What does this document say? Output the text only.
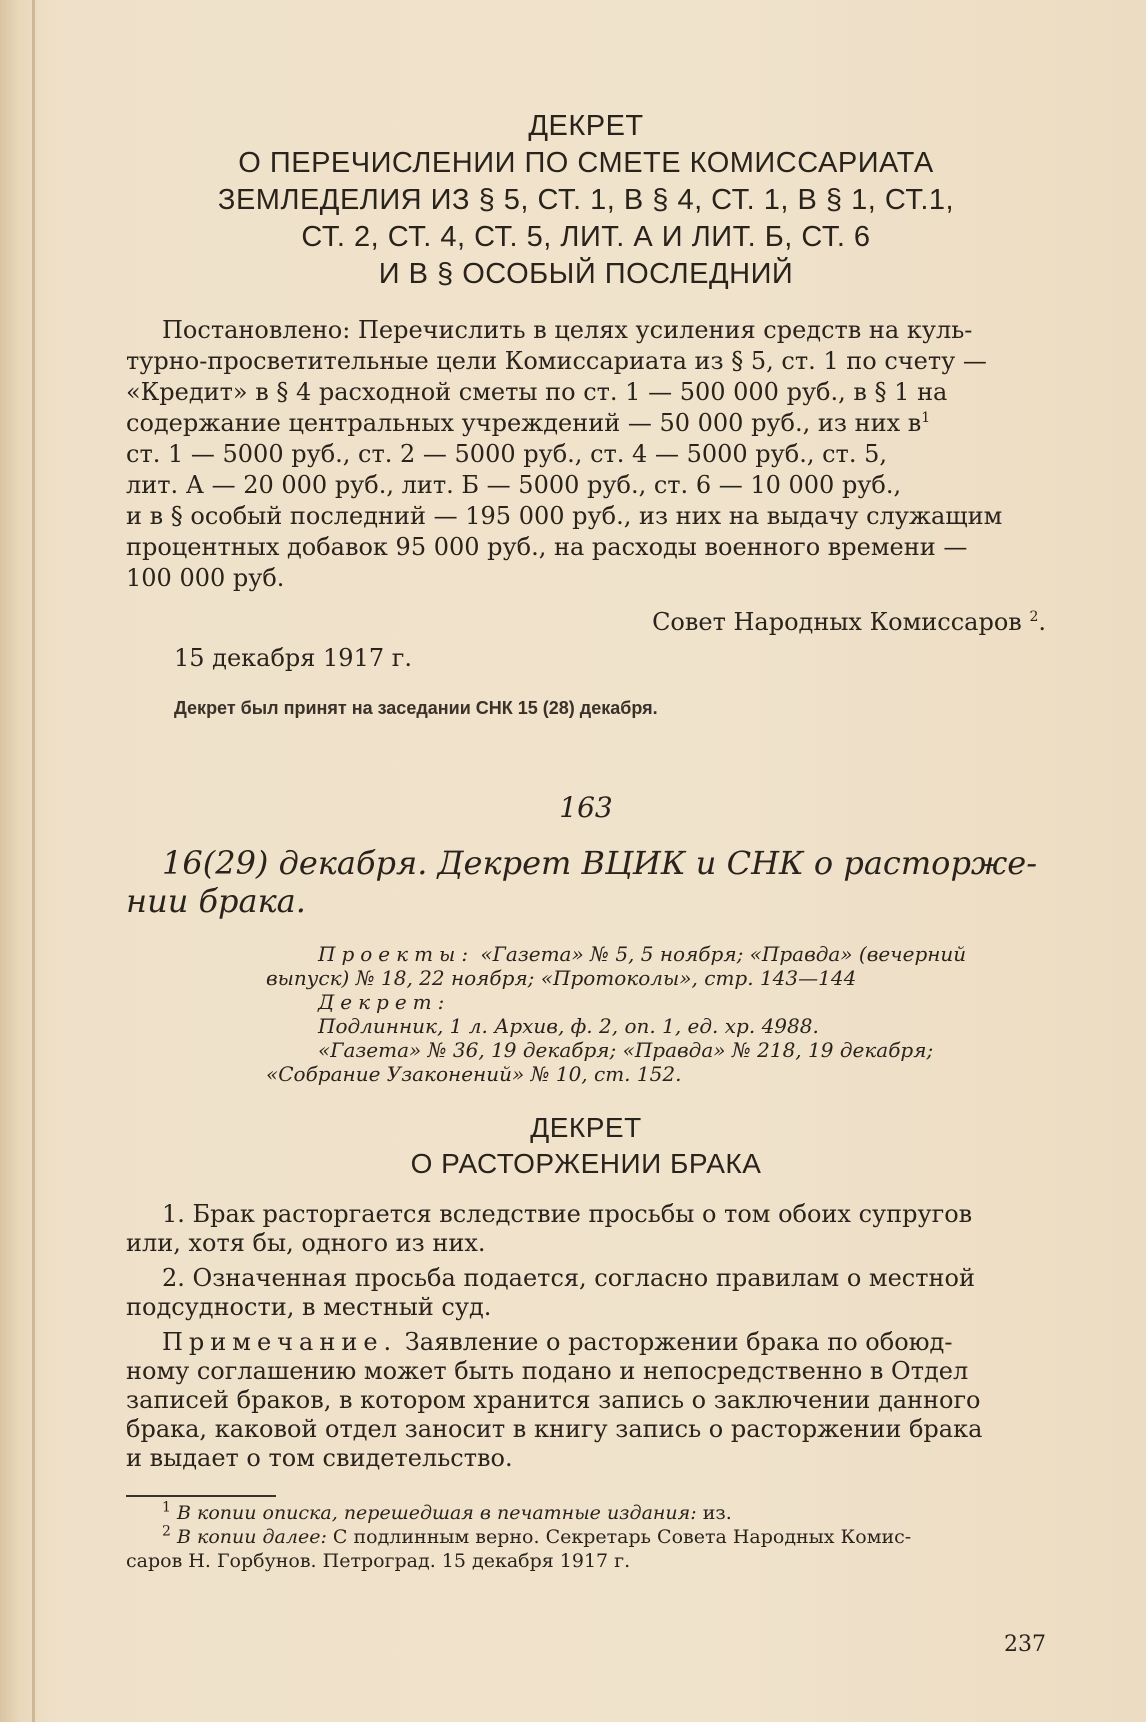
ДЕКРЕТ
О ПЕРЕЧИСЛЕНИИ ПО СМЕТЕ КОМИССАРИАТА
ЗЕМЛЕДЕЛИЯ ИЗ § 5, СТ. 1, В § 4, СТ. 1, В § 1, СТ.1,
СТ. 2, СТ. 4, СТ. 5, ЛИТ. А И ЛИТ. Б, СТ. 6
И В § ОСОБЫЙ ПОСЛЕДНИЙ
Постановлено: Перечислить в целях усиления средств на куль-
турно-просветительные цели Комиссариата из § 5, ст. 1 по счету —
«Кредит» в § 4 расходной сметы по ст. 1 — 500 000 руб., в § 1 на
содержание центральных учреждений — 50 000 руб., из них $в^1$
ст. 1 — 5000 руб., ст. 2 — 5000 руб., ст. 4 — 5000 руб., ст. 5,
лит. А — 20 000 руб., лит. Б — 5000 руб., ст. 6 — 10 000 руб.,
и в § особый последний — 195 000 руб., из них на выдачу служащим
процентных добавок 95 000 руб., на расходы военного времени —
100 000 руб.
Совет Народных Комиссаров $^2$.
15 декабря 1917 г.
Декрет был принят на заседании СНК 15 (28) декабря.
163
16(29) декабря. Декрет ВЦИК и СНК о расторже-
нии брака.
Проекты: «Газета» № 5, 5 ноября; «Правда» (вечерний
выпуск) № 18, 22 ноября; «Протоколы», стр. 143—144
Декрет:
Подлинник, 1 л. Архив, ф. 2, оп. 1, ед. хр. 4988.
«Газета» № 36, 19 декабря; «Правда» № 218, 19 декабря;
«Собрание Узаконений» № 10, ст. 152.
ДЕКРЕТ
О РАСТОРЖЕНИИ БРАКА
1. Брак расторгается вследствие просьбы о том обоих супругов
или, хотя бы, одного из них.
2. Означенная просьба подается, согласно правилам о местной
подсудности, в местный суд.
Примечание. Заявление о расторжении брака по обоюд-
ному соглашению может быть подано и непосредственно в Отдел
записей браков, в котором хранится запись о заключении данного
брака, каковой отдел заносит в книгу запись о расторжении брака
и выдает о том свидетельство.
$^1$ В копии описка, перешедшая в печатные издания: из.
$^2$ В копии далее: С подлинным верно. Секретарь Совета Народных Комис-
саров Н. Горбунов. Петроград. 15 декабря 1917 г.
237
